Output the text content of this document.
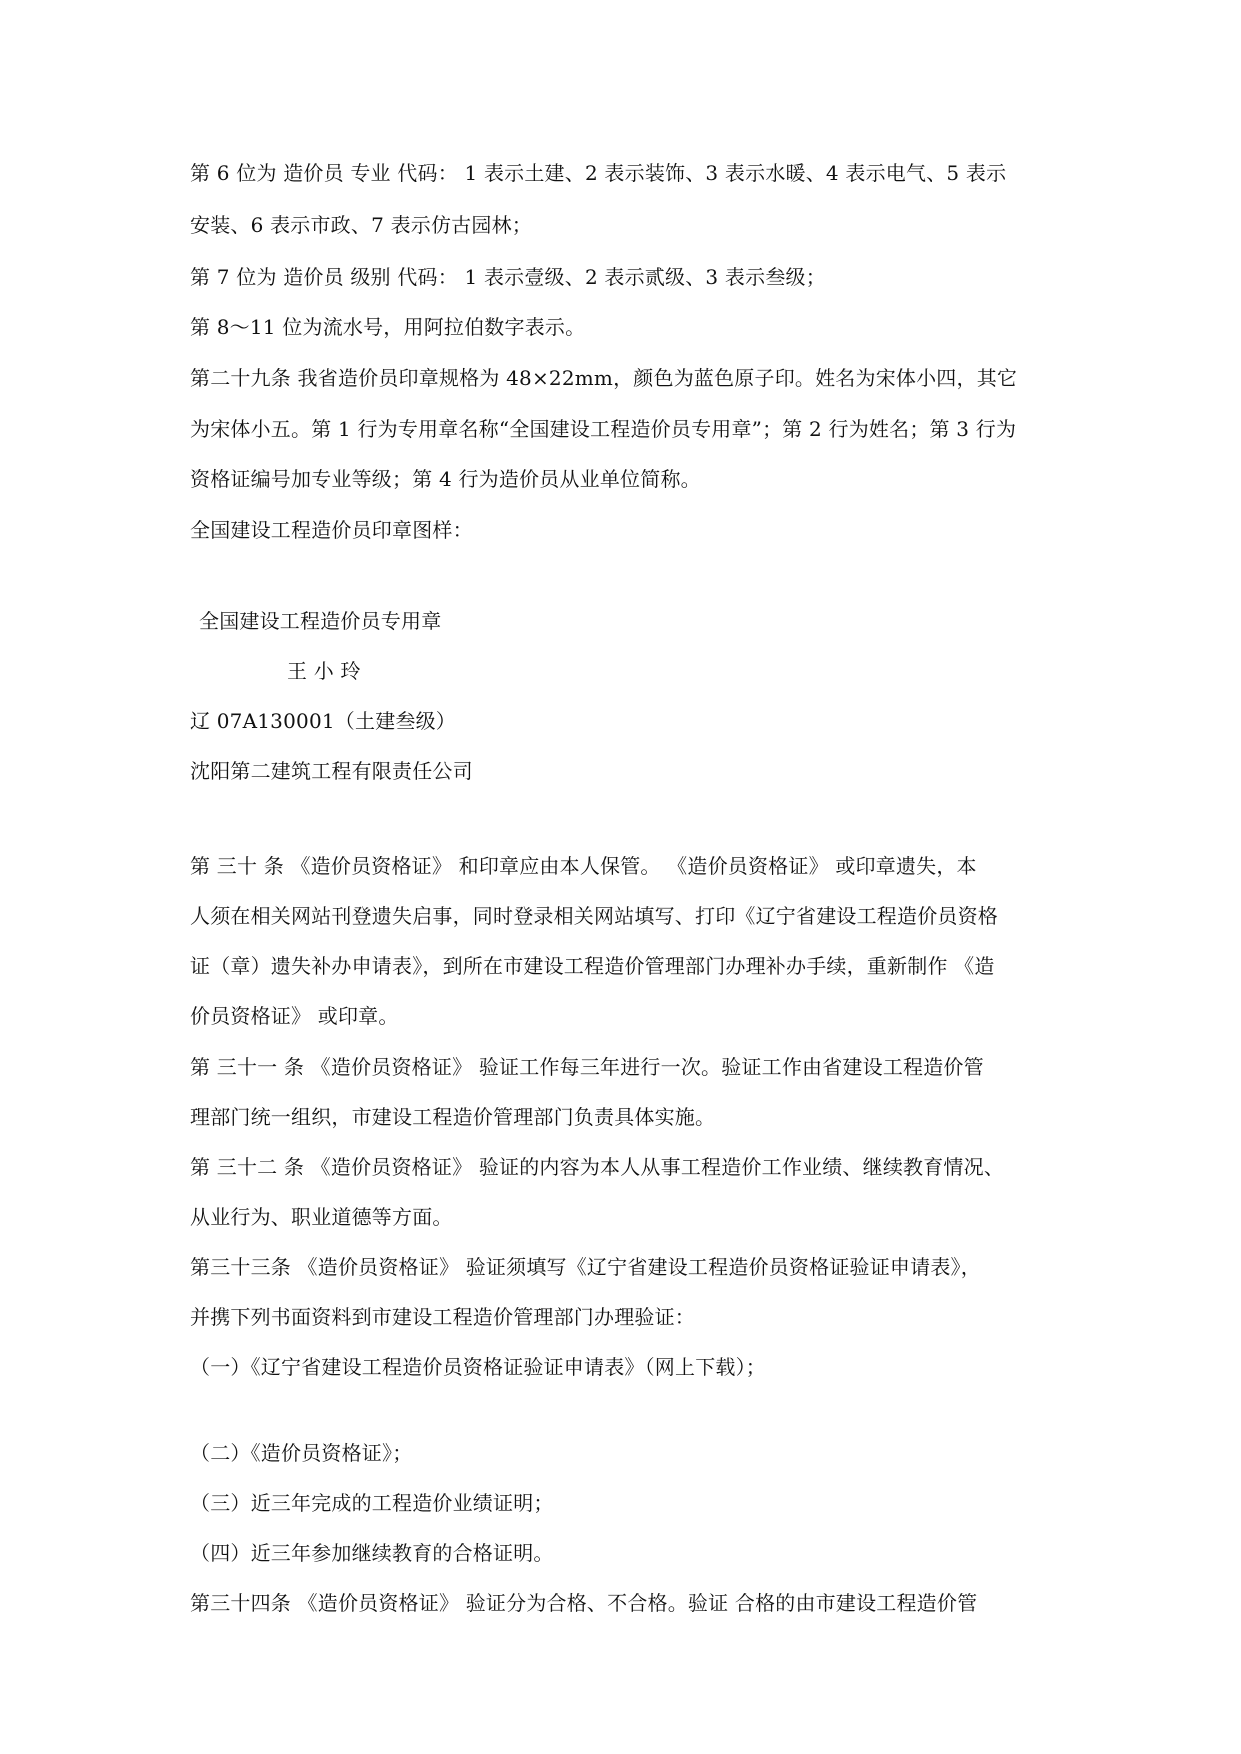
第 6 位为 造价员 专业 代码： 1 表示土建、2 表示装饰、3 表示水暖、4 表示电气、5 表示
安装、6 表示市政、7 表示仿古园林；
第 7 位为 造价员 级别 代码： 1 表示壹级、2 表示贰级、3 表示叁级；
第 8～11 位为流水号，用阿拉伯数字表示。
第二十九条 我省造价员印章规格为 48×22mm，颜色为蓝色原子印。姓名为宋体小四，其它
为宋体小五。第 1 行为专用章名称“全国建设工程造价员专用章”；第 2 行为姓名；第 3 行为
资格证编号加专业等级；第 4 行为造价员从业单位简称。
全国建设工程造价员印章图样：
全国建设工程造价员专用章
王 小 玲
辽 07A130001（土建叁级）
沈阳第二建筑工程有限责任公司
第 三十 条 《造价员资格证》 和印章应由本人保管。 《造价员资格证》 或印章遗失，本
人须在相关网站刊登遗失启事，同时登录相关网站填写、打印《辽宁省建设工程造价员资格
证（章）遗失补办申请表》，到所在市建设工程造价管理部门办理补办手续，重新制作 《造
价员资格证》 或印章。
第 三十一 条 《造价员资格证》 验证工作每三年进行一次。验证工作由省建设工程造价管
理部门统一组织，市建设工程造价管理部门负责具体实施。
第 三十二 条 《造价员资格证》 验证的内容为本人从事工程造价工作业绩、继续教育情况、
从业行为、职业道德等方面。
第三十三条 《造价员资格证》 验证须填写《辽宁省建设工程造价员资格证验证申请表》，
并携下列书面资料到市建设工程造价管理部门办理验证：
（一）《辽宁省建设工程造价员资格证验证申请表》（网上下载）；
（二）《造价员资格证》；
（三）近三年完成的工程造价业绩证明；
（四）近三年参加继续教育的合格证明。
第三十四条 《造价员资格证》 验证分为合格、不合格。验证 合格的由市建设工程造价管
